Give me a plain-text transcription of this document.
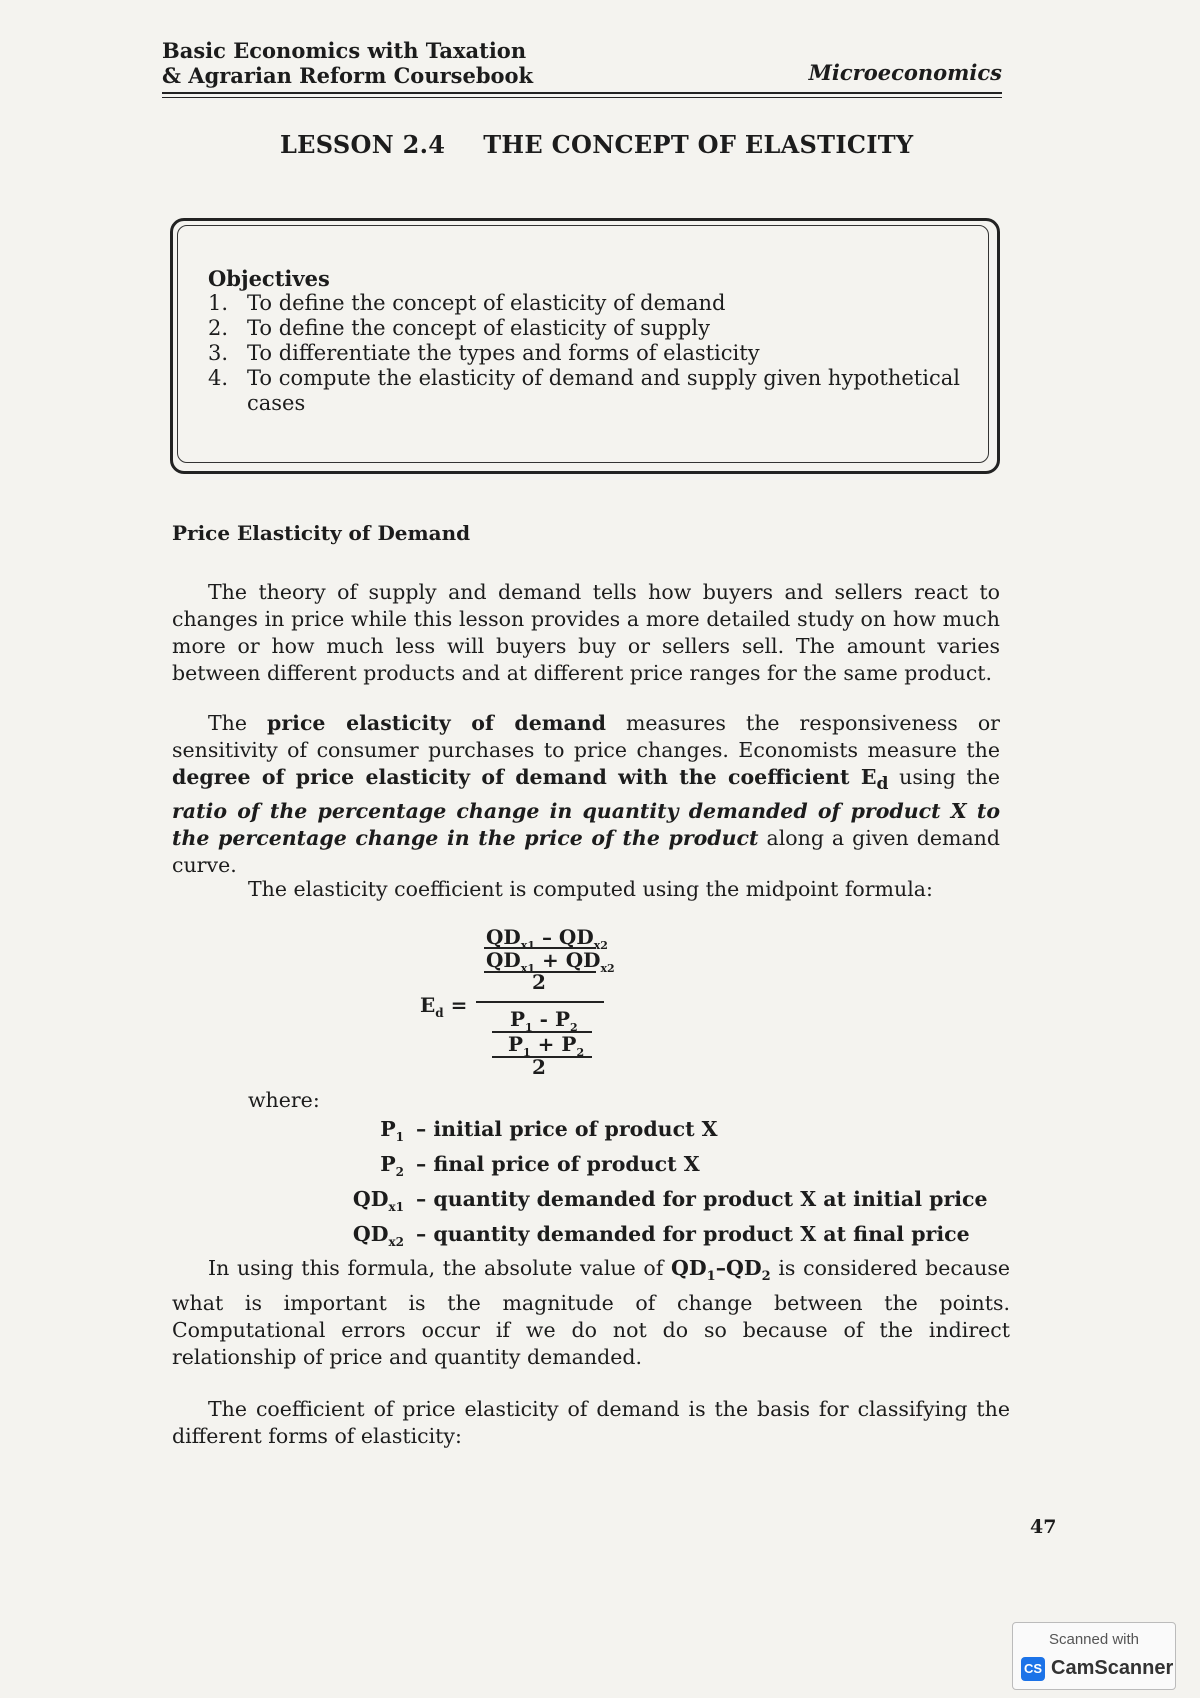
Basic Economics with Taxation
& Agrarian Reform Coursebook	Microeconomics
LESSON 2.4 THE CONCEPT OF ELASTICITY
Objectives
1. To define the concept of elasticity of demand
2. To define the concept of elasticity of supply
3. To differentiate the types and forms of elasticity
4. To compute the elasticity of demand and supply given hypothetical cases
Price Elasticity of Demand
The theory of supply and demand tells how buyers and sellers react to changes in price while this lesson provides a more detailed study on how much more or how much less will buyers buy or sellers sell. The amount varies between different products and at different price ranges for the same product.
The price elasticity of demand measures the responsiveness or sensitivity of consumer purchases to price changes. Economists measure the degree of price elasticity of demand with the coefficient $E_d$ using the ratio of the percentage change in quantity demanded of product X to the percentage change in the price of the product along a given demand curve.
The elasticity coefficient is computed using the midpoint formula:
$E_d$ =
$QD_{x1} - QD_{x2}$
$QD_{x1} + QD_{x2}$
2
$P_1 - P_2$
$P_1 + P_2$
2
where:
$P_1$ – initial price of product X
$P_2$ – final price of product X
$QD_{x1}$ – quantity demanded for product X at initial price
$QD_{x2}$ – quantity demanded for product X at final price
In using this formula, the absolute value of $QD_1-QD_2$ is considered because what is important is the magnitude of change between the points. Computational errors occur if we do not do so because of the indirect relationship of price and quantity demanded.
The coefficient of price elasticity of demand is the basis for classifying the different forms of elasticity:
47
Scanned with
CS CamScanner
